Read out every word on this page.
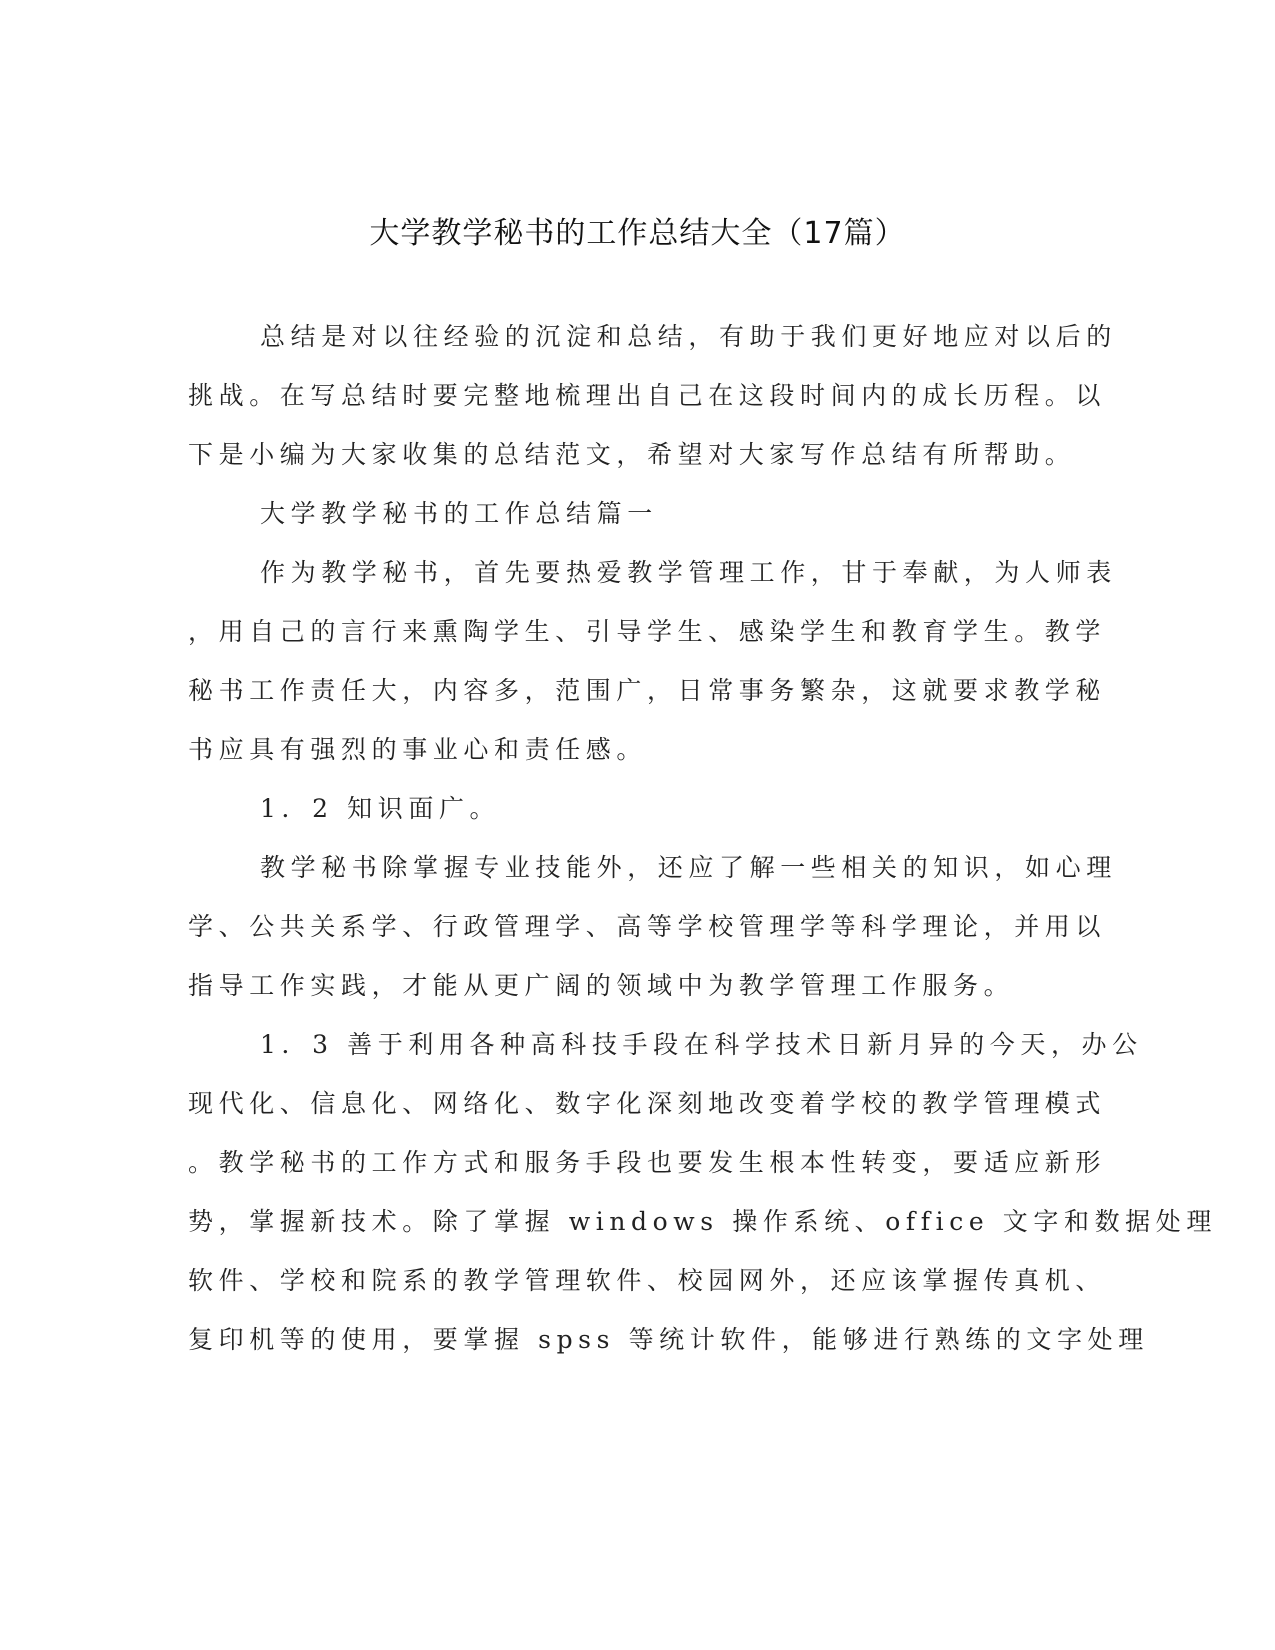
大学教学秘书的工作总结大全（17篇）
总结是对以往经验的沉淀和总结，有助于我们更好地应对以后的
挑战。在写总结时要完整地梳理出自己在这段时间内的成长历程。以
下是小编为大家收集的总结范文，希望对大家写作总结有所帮助。
大学教学秘书的工作总结篇一
作为教学秘书，首先要热爱教学管理工作，甘于奉献，为人师表
，用自己的言行来熏陶学生、引导学生、感染学生和教育学生。教学
秘书工作责任大，内容多，范围广，日常事务繁杂，这就要求教学秘
书应具有强烈的事业心和责任感。
1．2 知识面广。
教学秘书除掌握专业技能外，还应了解一些相关的知识，如心理
学、公共关系学、行政管理学、高等学校管理学等科学理论，并用以
指导工作实践，才能从更广阔的领域中为教学管理工作服务。
1．3 善于利用各种高科技手段在科学技术日新月异的今天，办公
现代化、信息化、网络化、数字化深刻地改变着学校的教学管理模式
。教学秘书的工作方式和服务手段也要发生根本性转变，要适应新形
势，掌握新技术。除了掌握 windows 操作系统、office 文字和数据处理
软件、学校和院系的教学管理软件、校园网外，还应该掌握传真机、
复印机等的使用，要掌握 spss 等统计软件，能够进行熟练的文字处理
